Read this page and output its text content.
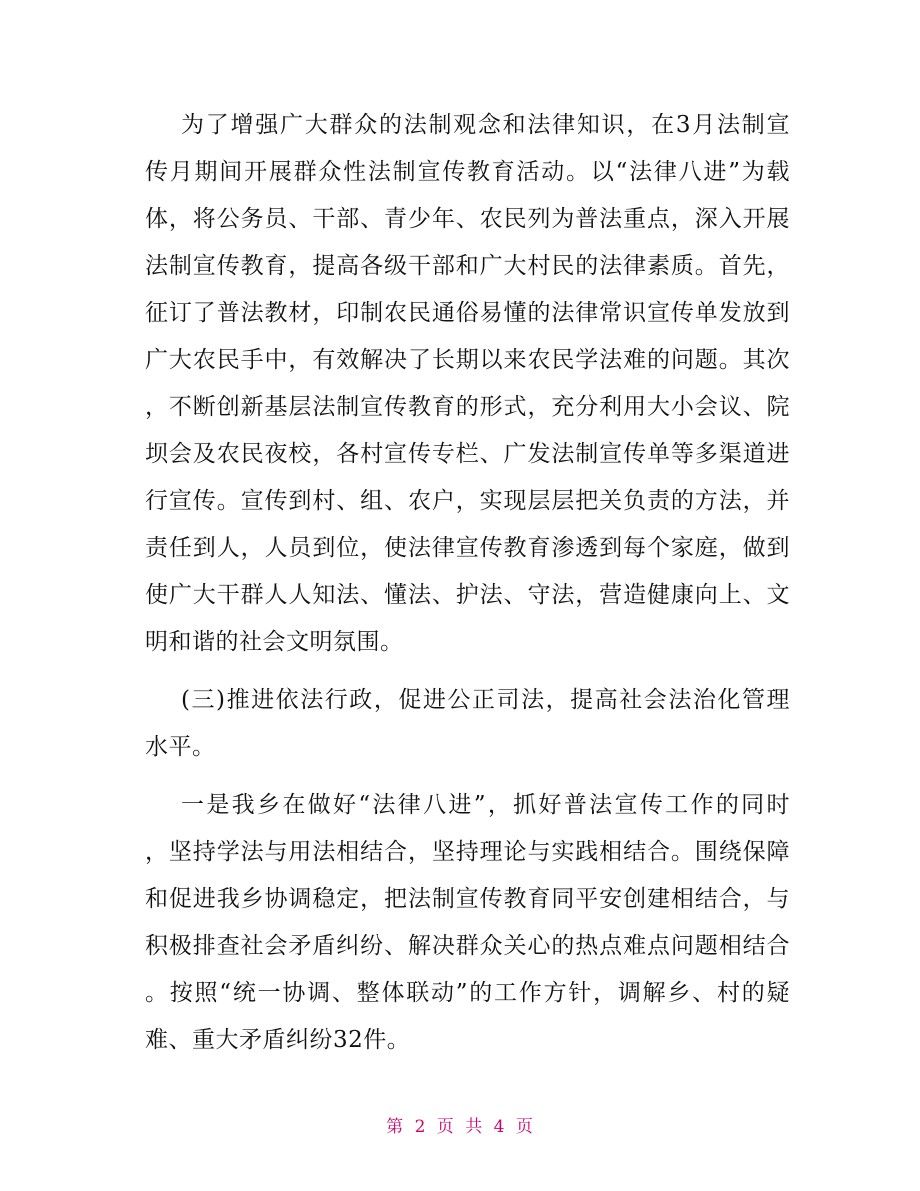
为了增强广大群众的法制观念和法律知识，在3月法制宣
传月期间开展群众性法制宣传教育活动。以“法律八进”为载
体，将公务员、干部、青少年、农民列为普法重点，深入开展
法制宣传教育，提高各级干部和广大村民的法律素质。首先，
征订了普法教材，印制农民通俗易懂的法律常识宣传单发放到
广大农民手中，有效解决了长期以来农民学法难的问题。其次
，不断创新基层法制宣传教育的形式，充分利用大小会议、院
坝会及农民夜校，各村宣传专栏、广发法制宣传单等多渠道进
行宣传。宣传到村、组、农户，实现层层把关负责的方法，并
责任到人，人员到位，使法律宣传教育渗透到每个家庭，做到
使广大干群人人知法、懂法、护法、守法，营造健康向上、文
明和谐的社会文明氛围。
(三)推进依法行政，促进公正司法，提高社会法治化管理
水平。
一是我乡在做好“法律八进”，抓好普法宣传工作的同时
，坚持学法与用法相结合，坚持理论与实践相结合。围绕保障
和促进我乡协调稳定，把法制宣传教育同平安创建相结合，与
积极排查社会矛盾纠纷、解决群众关心的热点难点问题相结合
。按照“统一协调、整体联动”的工作方针，调解乡、村的疑
难、重大矛盾纠纷32件。
第 2 页 共 4 页
